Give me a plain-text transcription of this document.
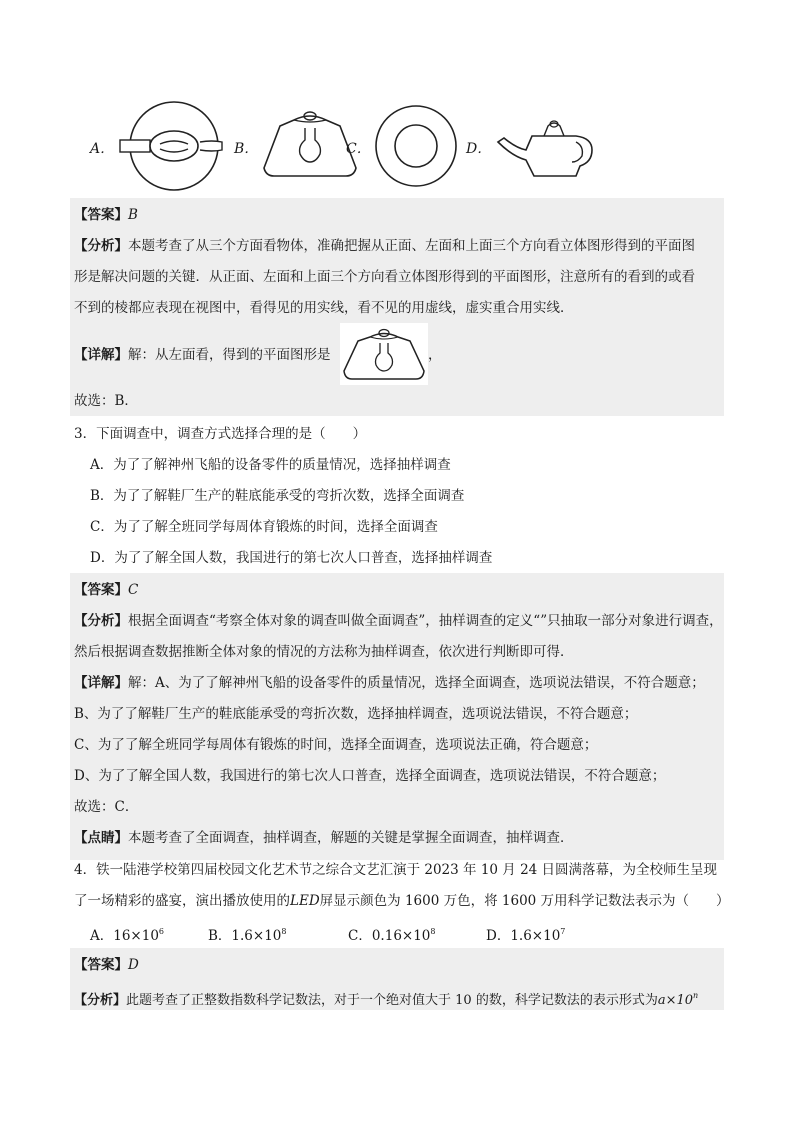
A．	B．	C．	D．
【答案】B
【分析】本题考查了从三个方面看物体，准确把握从正面、左面和上面三个方向看立体图形得到的平面图
形是解决问题的关键．从正面、左面和上面三个方向看立体图形得到的平面图形，注意所有的看到的或看
不到的棱都应表现在视图中，看得见的用实线，看不见的用虚线，虚实重合用实线．
【详解】解：从左面看，得到的平面图形是	，
故选：B．
3．下面调查中，调查方式选择合理的是（　　）
A．为了了解神州飞船的设备零件的质量情况，选择抽样调查
B．为了了解鞋厂生产的鞋底能承受的弯折次数，选择全面调查
C．为了了解全班同学每周体育锻炼的时间，选择全面调查
D．为了了解全国人数，我国进行的第七次人口普查，选择抽样调查
【答案】C
【分析】根据全面调查“考察全体对象的调查叫做全面调查”，抽样调查的定义“”只抽取一部分对象进行调查，
然后根据调查数据推断全体对象的情况的方法称为抽样调查，依次进行判断即可得．
【详解】解：A、为了了解神州飞船的设备零件的质量情况，选择全面调查，选项说法错误，不符合题意；
B、为了了解鞋厂生产的鞋底能承受的弯折次数，选择抽样调查，选项说法错误，不符合题意；
C、为了了解全班同学每周体有锻炼的时间，选择全面调查，选项说法正确，符合题意；
D、为了了解全国人数，我国进行的第七次人口普查，选择全面调查，选项说法错误，不符合题意；
故选：C．
【点睛】本题考查了全面调查，抽样调查，解题的关键是掌握全面调查，抽样调查．
4．铁一陆港学校第四届校园文化艺术节之综合文艺汇演于 2023 年 10 月 24 日圆满落幕，为全校师生呈现
了一场精彩的盛宴，演出播放使用的LED屏显示颜色为 1600 万色，将 1600 万用科学记数法表示为（　　）
A．$16\times 10^6$	B．$1.6\times 10^8$	C．$0.16\times 10^8$	D．$1.6\times 10^7$
【答案】D
【分析】此题考查了正整数指数科学记数法，对于一个绝对值大于 10 的数，科学记数法的表示形式为$a\times 10^n$
